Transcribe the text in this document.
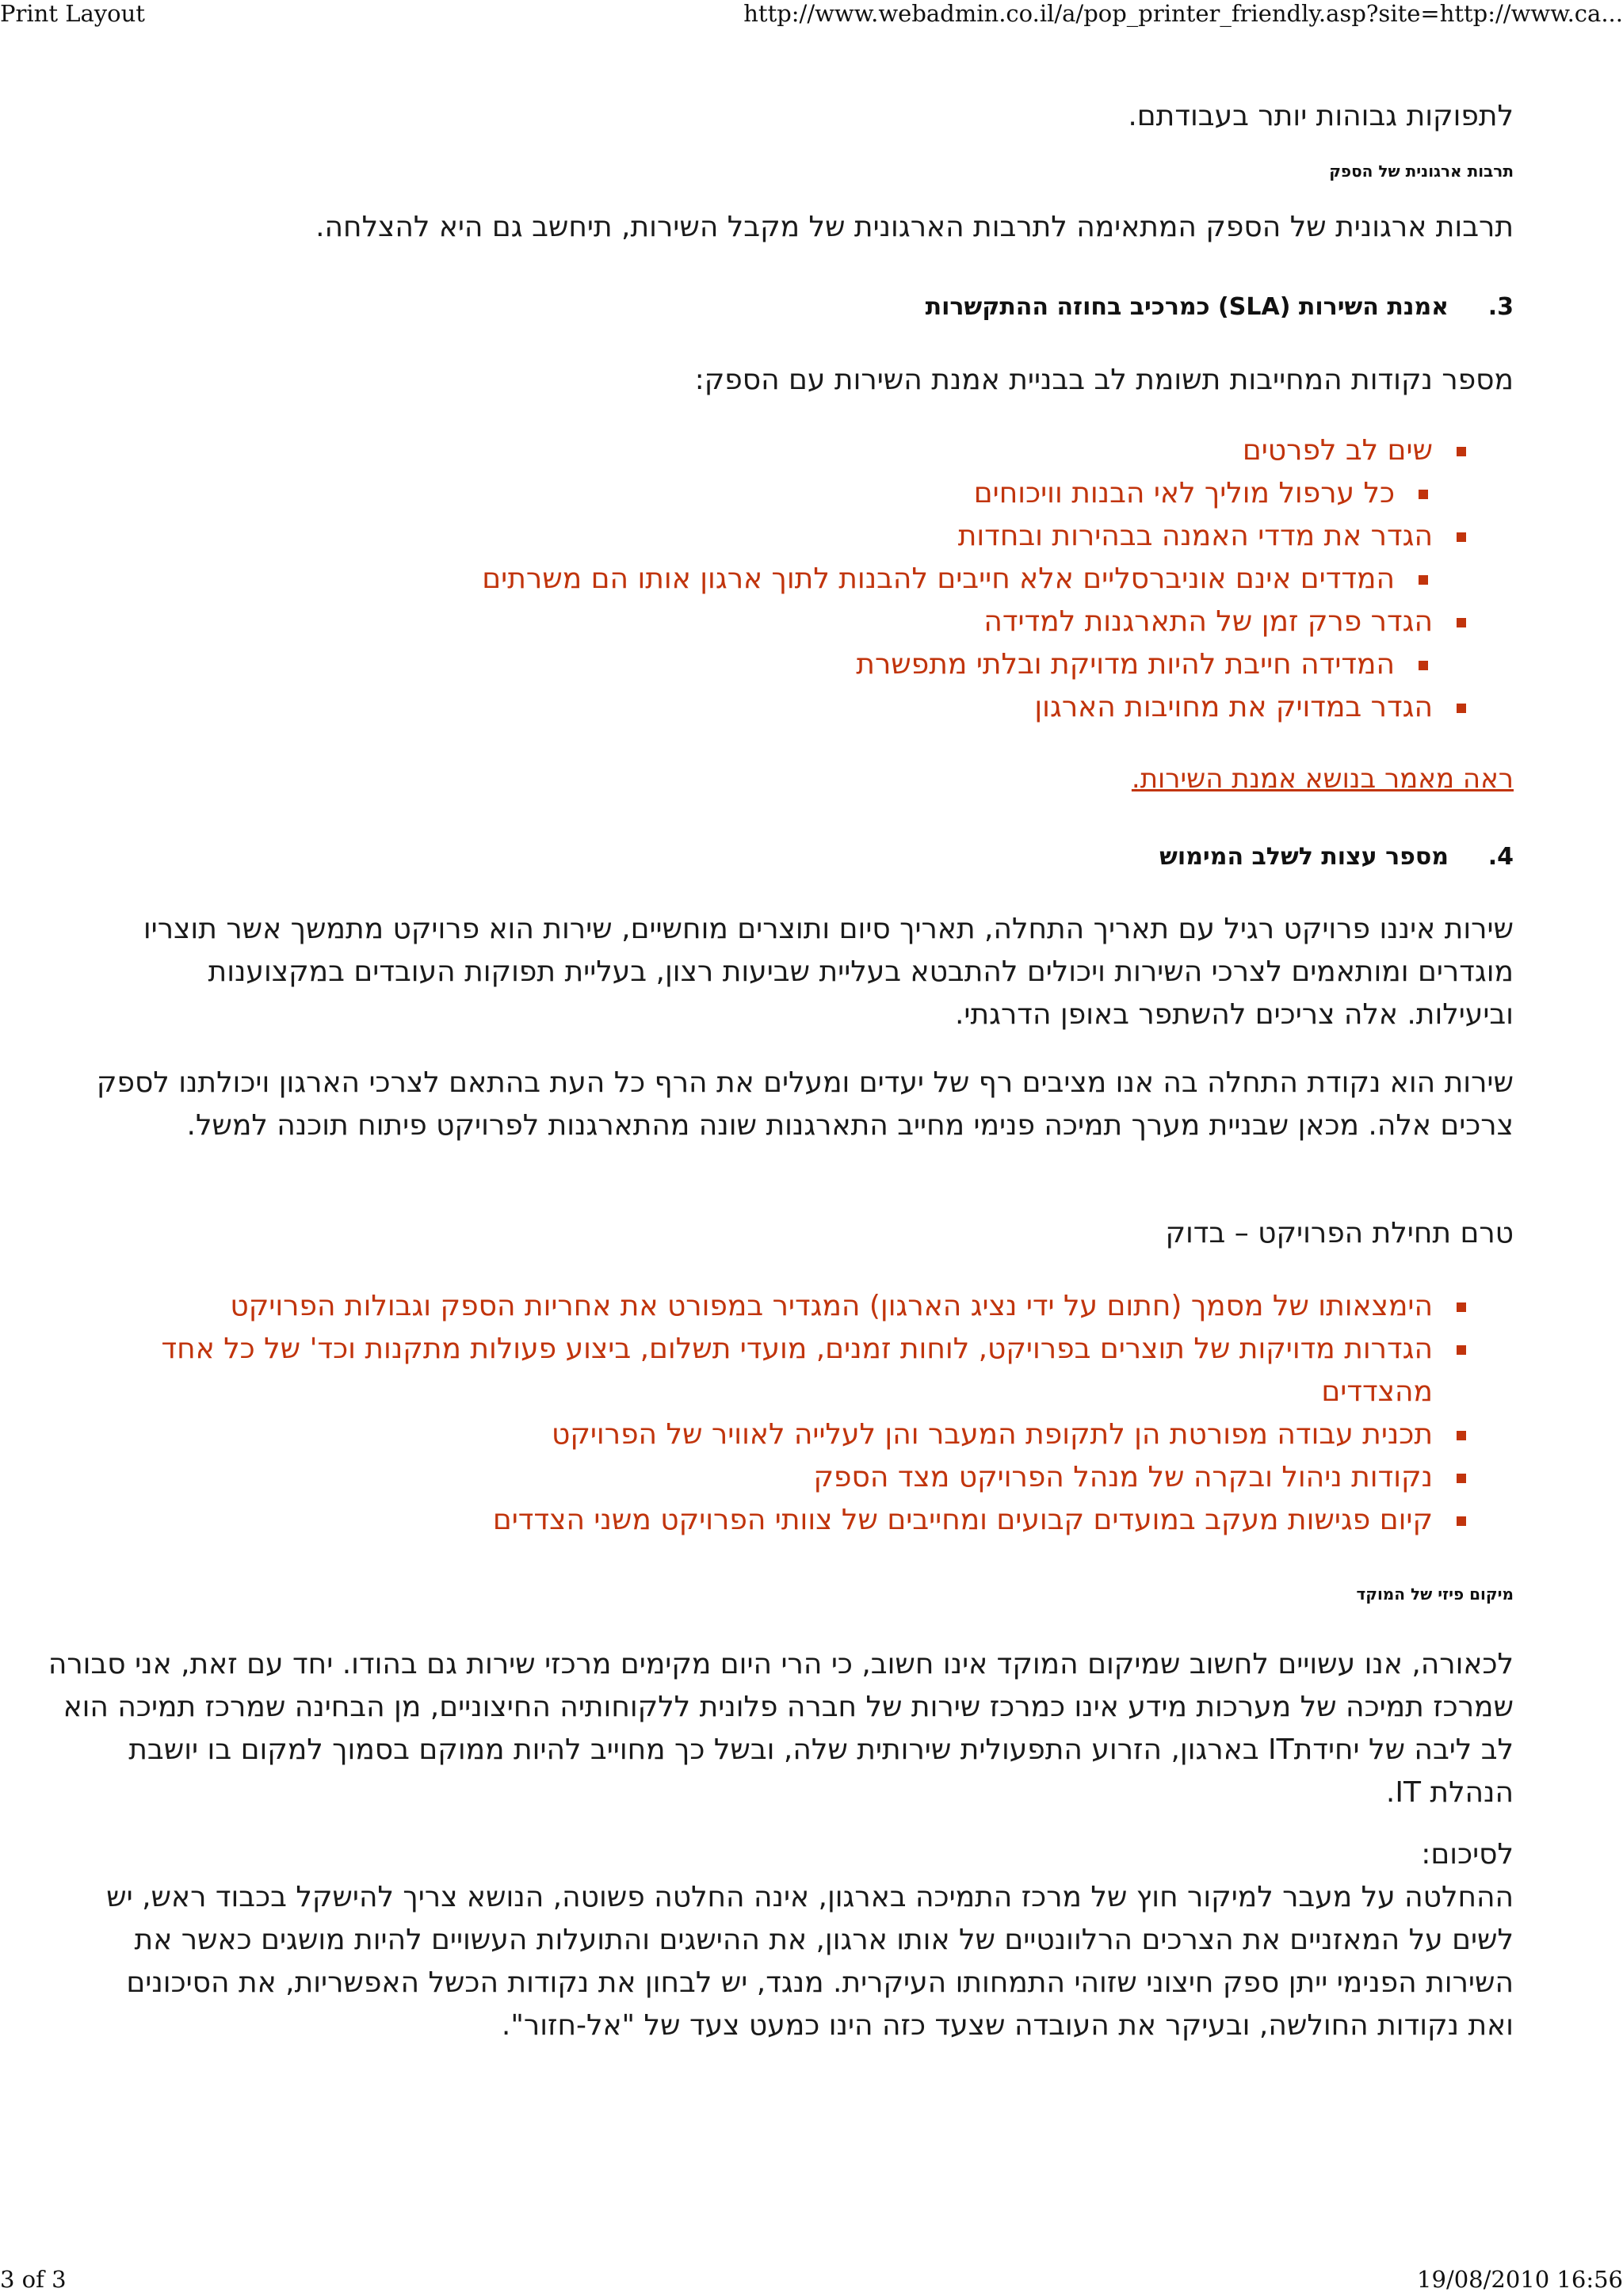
Print Layout	http://www.webadmin.co.il/a/pop_printer_friendly.asp?site=http://www.ca...

לתפוקות גבוהות יותר בעבודתם.

תרבות ארגונית של הספק

תרבות ארגונית של הספק המתאימה לתרבות הארגונית של מקבל השירות, תיחשב גם היא להצלחה.

3.אמנת השירות (SLA) כמרכיב בחוזה ההתקשרות

מספר נקודות המחייבות תשומת לב בבניית אמנת השירות עם הספק:

שים לב לפרטים
כל ערפול מוליך לאי הבנות וויכוחים
הגדר את מדדי האמנה בבהירות ובחדות
המדדים אינם אוניברסליים אלא חייבים להבנות לתוך ארגון אותו הם משרתים
הגדר פרק זמן של התארגנות למדידה
המדידה חייבת להיות מדויקת ובלתי מתפשרת
הגדר במדויק את מחויבות הארגון

ראה מאמר בנושא אמנת השירות.

4.מספר עצות לשלב המימוש

שירות איננו פרויקט רגיל עם תאריך התחלה, תאריך סיום ותוצרים מוחשיים, שירות הוא פרויקט מתמשך אשר תוצריו מוגדרים ומותאמים לצרכי השירות ויכולים להתבטא בעליית שביעות רצון, בעליית תפוקות העובדים במקצוענות וביעילות. אלה צריכים להשתפר באופן הדרגתי.

שירות הוא נקודת התחלה בה אנו מציבים רף של יעדים ומעלים את הרף כל העת בהתאם לצרכי הארגון ויכולתנו לספק צרכים אלה. מכאן שבניית מערך תמיכה פנימי מחייב התארגנות שונה מהתארגנות לפרויקט פיתוח תוכנה למשל.

טרם תחילת הפרויקט – בדוק

הימצאותו של מסמך (חתום על ידי נציג הארגון) המגדיר במפורט את אחריות הספק וגבולות הפרויקט
הגדרות מדויקות של תוצרים בפרויקט, לוחות זמנים, מועדי תשלום, ביצוע פעולות מתקנות וכד' של כל אחד מהצדדים
תכנית עבודה מפורטת הן לתקופת המעבר והן לעלייה לאוויר של הפרויקט
נקודות ניהול ובקרה של מנהל הפרויקט מצד הספק
קיום פגישות מעקב במועדים קבועים ומחייבים של צוותי הפרויקט משני הצדדים

מיקום פיזי של המוקד

לכאורה, אנו עשויים לחשוב שמיקום המוקד אינו חשוב, כי הרי היום מקימים מרכזי שירות גם בהודו. יחד עם זאת, אני סבורה שמרכז תמיכה של מערכות מידע אינו כמרכז שירות של חברה פלונית ללקוחותיה החיצוניים, מן הבחינה שמרכז תמיכה הוא לב ליבה של יחידתIT בארגון, הזרוע התפעולית שירותית שלה, ובשל כך מחוייב להיות ממוקם בסמוך למקום בו יושבת הנהלת IT.

לסיכום:

ההחלטה על מעבר למיקור חוץ של מרכז התמיכה בארגון, אינה החלטה פשוטה, הנושא צריך להישקל בכבוד ראש, יש לשים על המאזניים את הצרכים הרלוונטיים של אותו ארגון, את ההישגים והתועלות העשויים להיות מושגים כאשר את השירות הפנימי ייתן ספק חיצוני שזוהי התמחותו העיקרית. מנגד, יש לבחון את נקודות הכשל האפשריות, את הסיכונים ואת נקודות החולשה, ובעיקר את העובדה שצעד כזה הינו כמעט צעד של "אל-חזור".

3 of 3	19/08/2010 16:56
